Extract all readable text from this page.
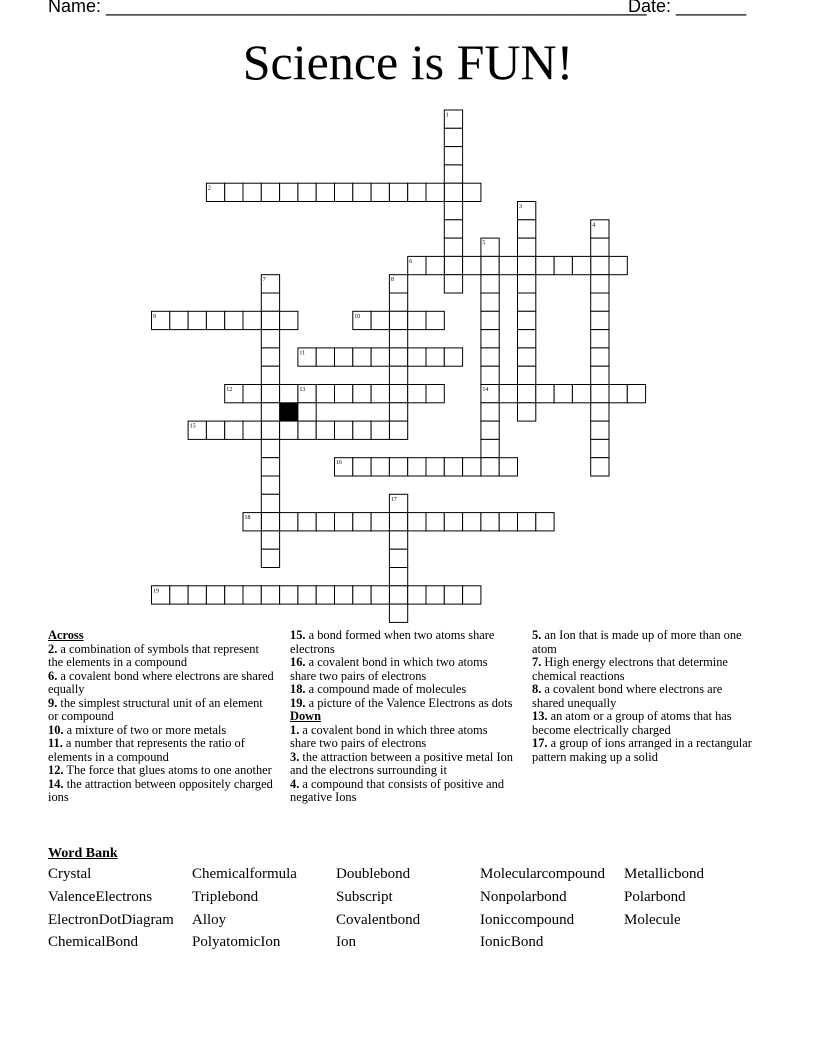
Name: ______________________________________________________
Date: _______
Science is FUN!
1
2
3
4
5
6
7	8
9	10
11
12	13	14
15
16
17
18
19
Across
2. a combination of symbols that represent the elements in a compound
6. a covalent bond where electrons are shared equally
9. the simplest structural unit of an element or compound
10. a mixture of two or more metals
11. a number that represents the ratio of elements in a compound
12. The force that glues atoms to one another
14. the attraction between oppositely charged ions
15. a bond formed when two atoms share electrons
16. a covalent bond in which two atoms share two pairs of electrons
18. a compound made of molecules
19. a picture of the Valence Electrons as dots
Down
1. a covalent bond in which three atoms share two pairs of electrons
3. the attraction between a positive metal Ion and the electrons surrounding it
4. a compound that consists of positive and negative Ions
5. an Ion that is made up of more than one atom
7. High energy electrons that determine chemical reactions
8. a covalent bond where electrons are shared unequally
13. an atom or a group of atoms that has become electrically charged
17. a group of ions arranged in a rectangular pattern making up a solid
Word Bank
Crystal	Chemicalformula	Doublebond	Molecularcompound Metallicbond
ValenceElectrons	Triplebond	Subscript	Nonpolarbond	Polarbond
ElectronDotDiagram Alloy	Covalentbond	Ioniccompound	Molecule
ChemicalBond	PolyatomicIon	Ion	IonicBond
